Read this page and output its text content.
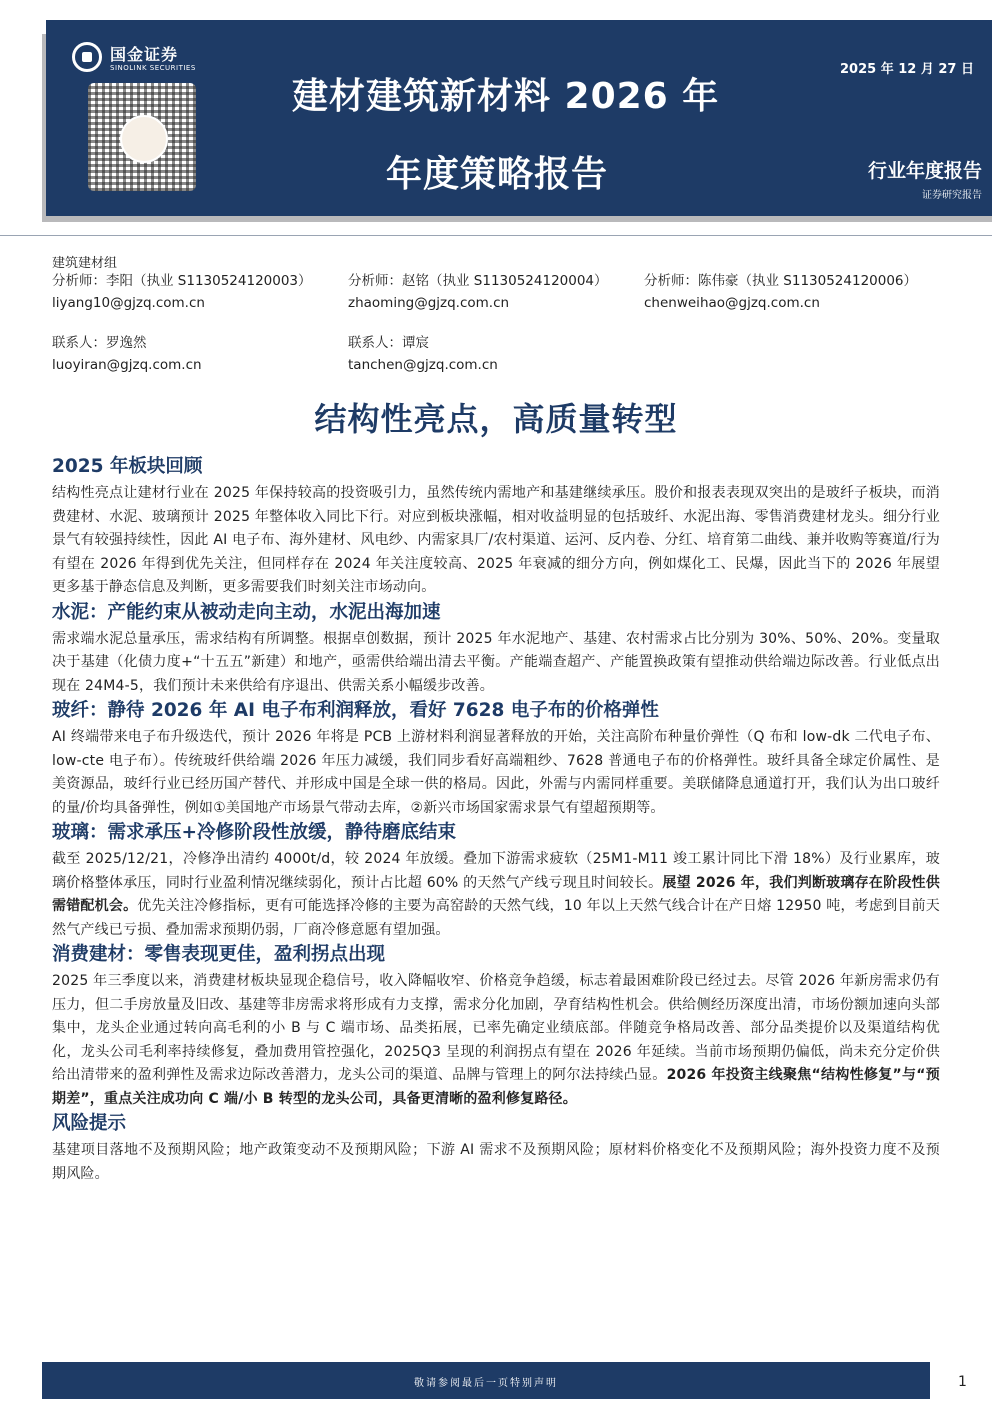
国金证券
SINOLINK SECURITIES
建材建筑新材料 2026 年
年度策略报告
2025 年 12 月 27 日
行业年度报告
证券研究报告
建筑建材组
分析师：李阳（执业 S1130524120003）
liyang10@gjzq.com.cn
分析师：赵铭（执业 S1130524120004）
zhaoming@gjzq.com.cn
分析师：陈伟豪（执业 S1130524120006）
chenweihao@gjzq.com.cn
联系人：罗逸然
luoyiran@gjzq.com.cn
联系人：谭宸
tanchen@gjzq.com.cn
结构性亮点，高质量转型
2025 年板块回顾

结构性亮点让建材行业在 2025 年保持较高的投资吸引力，虽然传统内需地产和基建继续承压。股价和报表表现双突出的是玻纤子板块，而消费建材、水泥、玻璃预计 2025 年整体收入同比下行。对应到板块涨幅，相对收益明显的包括玻纤、水泥出海、零售消费建材龙头。细分行业景气有较强持续性，因此 AI 电子布、海外建材、风电纱、内需家具厂/农村渠道、运河、反内卷、分红、培育第二曲线、兼并收购等赛道/行为有望在 2026 年得到优先关注，但同样存在 2024 年关注度较高、2025 年衰减的细分方向，例如煤化工、民爆，因此当下的 2026 年展望更多基于静态信息及判断，更多需要我们时刻关注市场动向。

水泥：产能约束从被动走向主动，水泥出海加速

需求端水泥总量承压，需求结构有所调整。根据卓创数据，预计 2025 年水泥地产、基建、农村需求占比分别为 30%、50%、20%。变量取决于基建（化债力度+“十五五”新建）和地产，亟需供给端出清去平衡。产能端查超产、产能置换政策有望推动供给端边际改善。行业低点出现在 24M4-5，我们预计未来供给有序退出、供需关系小幅缓步改善。

玻纤：静待 2026 年 AI 电子布利润释放，看好 7628 电子布的价格弹性

AI 终端带来电子布升级迭代，预计 2026 年将是 PCB 上游材料利润显著释放的开始，关注高阶布种量价弹性（Q 布和 low-dk 二代电子布、low-cte 电子布）。传统玻纤供给端 2026 年压力减缓，我们同步看好高端粗纱、7628 普通电子布的价格弹性。玻纤具备全球定价属性、是美资源品，玻纤行业已经历国产替代、并形成中国是全球一供的格局。因此，外需与内需同样重要。美联储降息通道打开，我们认为出口玻纤的量/价均具备弹性，例如①美国地产市场景气带动去库，②新兴市场国家需求景气有望超预期等。

玻璃：需求承压+冷修阶段性放缓，静待磨底结束

截至 2025/12/21，冷修净出清约 4000t/d，较 2024 年放缓。叠加下游需求疲软（25M1-M11 竣工累计同比下滑 18%）及行业累库，玻璃价格整体承压，同时行业盈利情况继续弱化，预计占比超 60% 的天然气产线亏现且时间较长。展望 2026 年，我们判断玻璃存在阶段性供需错配机会。优先关注冷修指标，更有可能选择冷修的主要为高窑龄的天然气线，10 年以上天然气线合计在产日熔 12950 吨，考虑到目前天然气产线已亏损、叠加需求预期仍弱，厂商冷修意愿有望加强。

消费建材：零售表现更佳，盈利拐点出现

2025 年三季度以来，消费建材板块显现企稳信号，收入降幅收窄、价格竞争趋缓，标志着最困难阶段已经过去。尽管 2026 年新房需求仍有压力，但二手房放量及旧改、基建等非房需求将形成有力支撑，需求分化加剧，孕育结构性机会。供给侧经历深度出清，市场份额加速向头部集中，龙头企业通过转向高毛利的小 B 与 C 端市场、品类拓展，已率先确定业绩底部。伴随竞争格局改善、部分品类提价以及渠道结构优化，龙头公司毛利率持续修复，叠加费用管控强化，2025Q3 呈现的利润拐点有望在 2026 年延续。当前市场预期仍偏低，尚未充分定价供给出清带来的盈利弹性及需求边际改善潜力，龙头公司的渠道、品牌与管理上的阿尔法持续凸显。2026 年投资主线聚焦“结构性修复”与“预期差”，重点关注成功向 C 端/小 B 转型的龙头公司，具备更清晰的盈利修复路径。

风险提示

基建项目落地不及预期风险；地产政策变动不及预期风险；下游 AI 需求不及预期风险；原材料价格变化不及预期风险；海外投资力度不及预期风险。

敬请参阅最后一页特别声明	1
